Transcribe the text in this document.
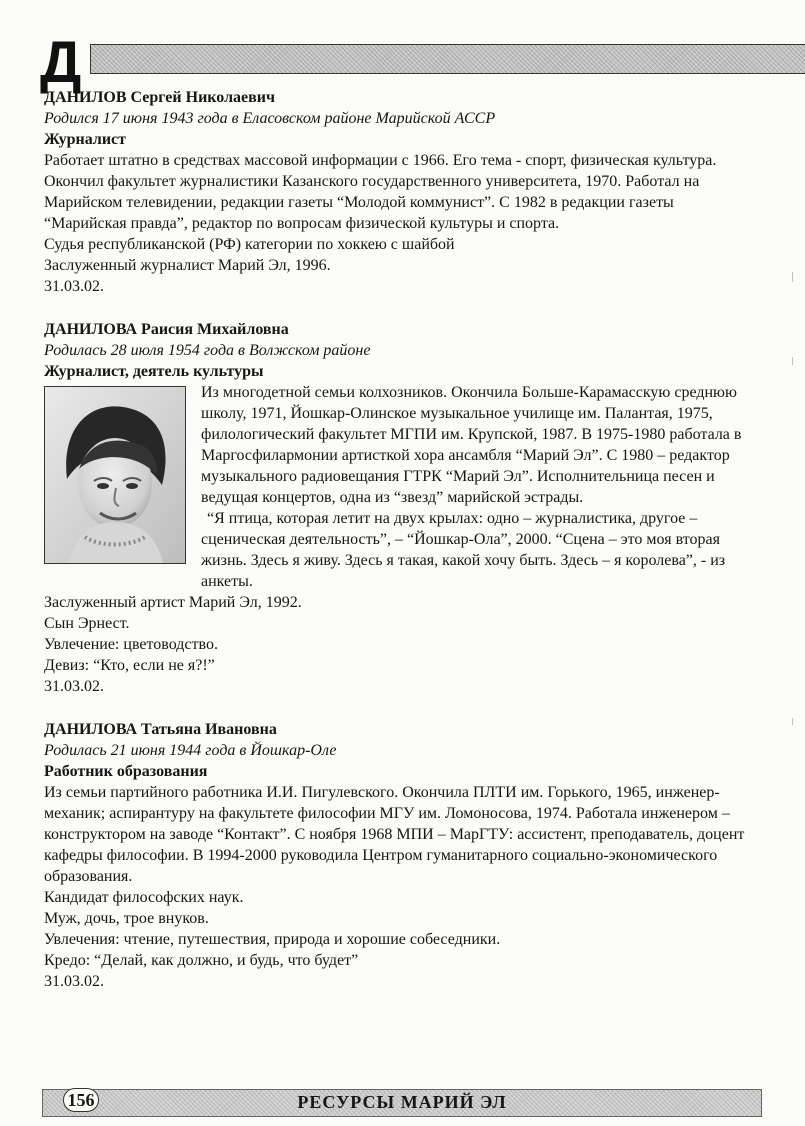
Д
ДАНИЛОВ Сергей Николаевич
Родился 17 июня 1943 года в Еласовском районе Марийской АССР
Журналист

Работает штатно в средствах массовой информации с 1966. Его тема - спорт, физическая культура. Окончил факультет журналистики Казанского государственного университета, 1970. Работал на Марийском телевидении, редакции газеты “Молодой коммунист”. С 1982 в редакции газеты “Марийская правда”, редактор по вопросам физической культуры и спорта.

Судья республиканской (РФ) категории по хоккею с шайбой
Заслуженный журналист Марий Эл, 1996.
31.03.02.
ДАНИЛОВА Раисия Михайловна
Родилась 28 июля 1954 года в Волжском районе
Журналист, деятель культуры

Из многодетной семьи колхозников. Окончила Больше-Карамасскую среднюю школу, 1971, Йошкар-Олинское музыкальное училище им. Палантая, 1975, филологический факультет МГПИ им. Крупской, 1987. В 1975-1980 работала в Маргосфилармонии артисткой хора ансамбля “Марий Эл”. С 1980 – редактор музыкального радиовещания ГТРК “Марий Эл”. Исполнительница песен и ведущая концертов, одна из “звезд” марийской эстрады.

“Я птица, которая летит на двух крылах: одно – журналистика, другое – сценическая деятельность”, – “Йошкар-Ола”, 2000. “Сцена – это моя вторая жизнь. Здесь я живу. Здесь я такая, какой хочу быть. Здесь – я королева”, - из анкеты.

Заслуженный артист Марий Эл, 1992.
Сын Эрнест.
Увлечение: цветоводство.
Девиз: “Кто, если не я?!”
31.03.02.
ДАНИЛОВА Татьяна Ивановна
Родилась 21 июня 1944 года в Йошкар-Оле
Работник образования

Из семьи партийного работника И.И. Пигулевского. Окончила ПЛТИ им. Горького, 1965, инженер-механик; аспирантуру на факультете философии МГУ им. Ломоносова, 1974. Работала инженером – конструктором на заводе “Контакт”. С ноября 1968 МПИ – МарГТУ: ассистент, преподаватель, доцент кафедры философии. В 1994-2000 руководила Центром гуманитарного социально-экономического образования.

Кандидат философских наук.
Муж, дочь, трое внуков.
Увлечения: чтение, путешествия, природа и хорошие собеседники.
Кредо: “Делай, как должно, и будь, что будет”
31.03.02.
156	РЕСУРСЫ МАРИЙ ЭЛ
